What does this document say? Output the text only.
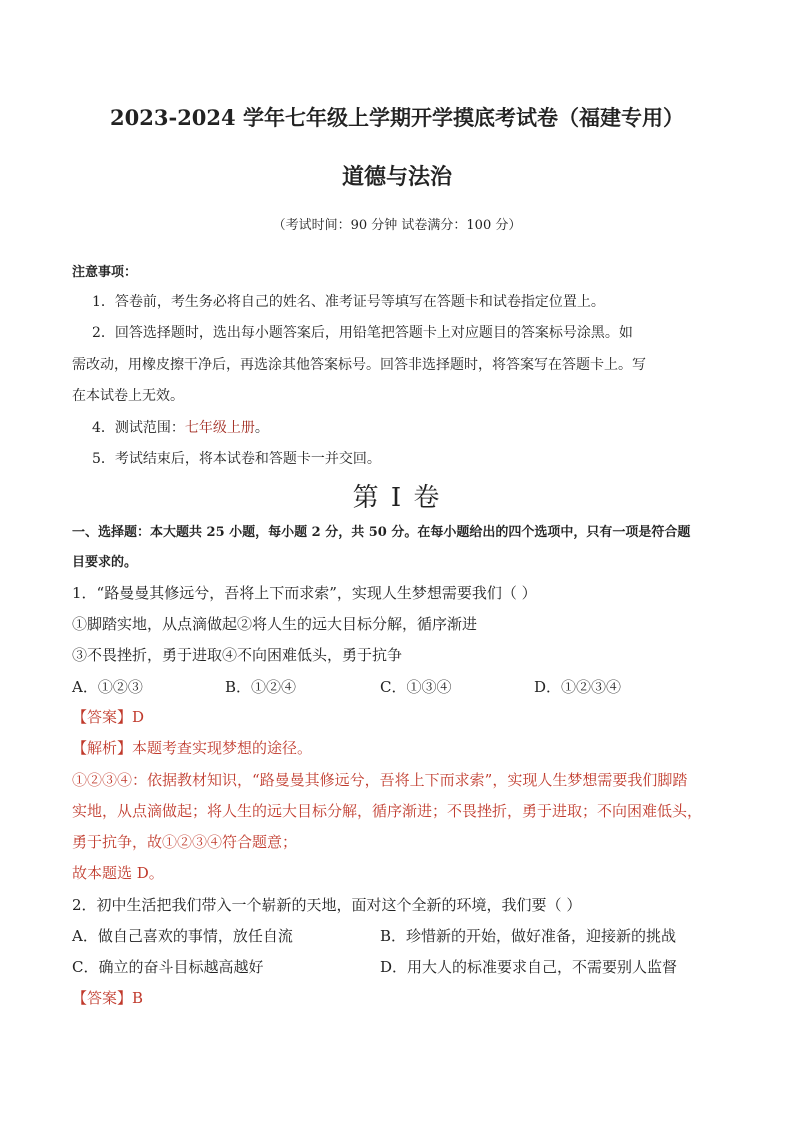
2023-2024 学年七年级上学期开学摸底考试卷（福建专用）
道德与法治
（考试时间：90 分钟 试卷满分：100 分）
注意事项：
1．答卷前，考生务必将自己的姓名、准考证号等填写在答题卡和试卷指定位置上。
2．回答选择题时，选出每小题答案后，用铅笔把答题卡上对应题目的答案标号涂黑。如
需改动，用橡皮擦干净后，再选涂其他答案标号。回答非选择题时，将答案写在答题卡上。写
在本试卷上无效。
4．测试范围：七年级上册。
5．考试结束后，将本试卷和答题卡一并交回。
第 I 卷
一、选择题：本大题共 25 小题，每小题 2 分，共 50 分。在每小题给出的四个选项中，只有一项是符合题
目要求的。
1．“路曼曼其修远兮，吾将上下而求索”，实现人生梦想需要我们（ ）
①脚踏实地，从点滴做起②将人生的远大目标分解，循序渐进
③不畏挫折，勇于进取④不向困难低头，勇于抗争
A．①②③	B．①②④	C．①③④	D．①②③④
【答案】D
【解析】本题考查实现梦想的途径。
①②③④：依据教材知识，“路曼曼其修远兮，吾将上下而求索”，实现人生梦想需要我们脚踏
实地，从点滴做起；将人生的远大目标分解，循序渐进；不畏挫折，勇于进取；不向困难低头，
勇于抗争，故①②③④符合题意；
故本题选 D。
2．初中生活把我们带入一个崭新的天地，面对这个全新的环境，我们要（ ）
A．做自己喜欢的事情，放任自流	B．珍惜新的开始，做好准备，迎接新的挑战
C．确立的奋斗目标越高越好	D．用大人的标准要求自己，不需要别人监督
【答案】B
